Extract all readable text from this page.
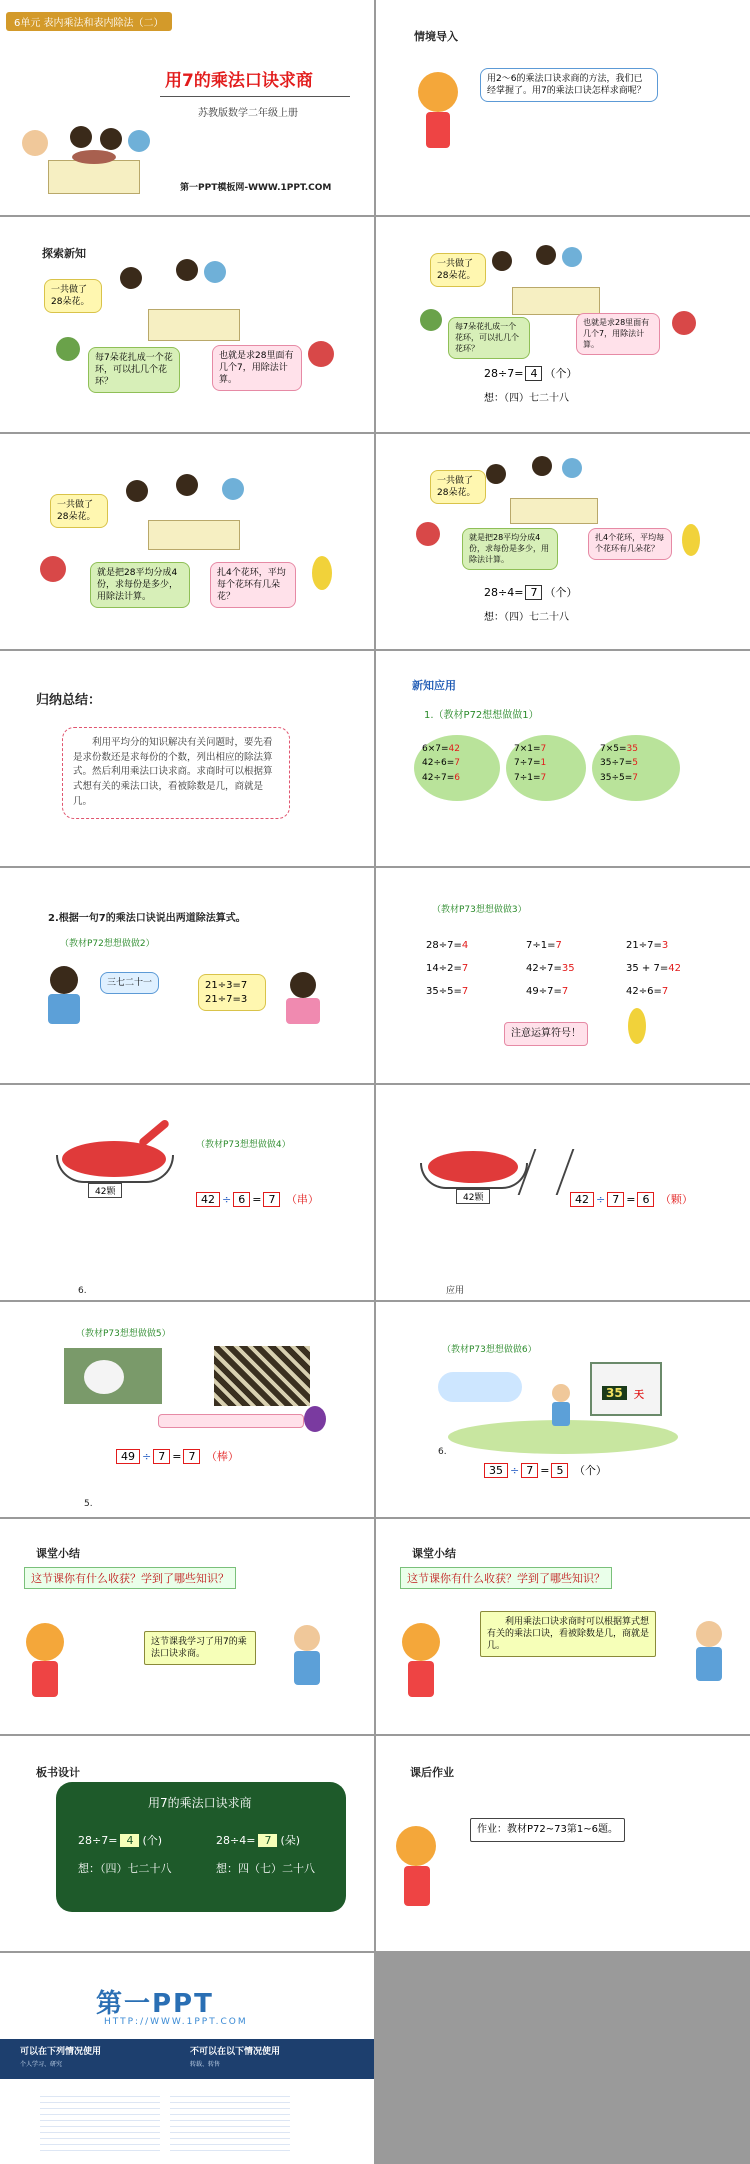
6单元 表内乘法和表内除法（二）
用7的乘法口诀求商
苏教版数学二年级上册
第一PPT模板网-WWW.1PPT.COM
情境导入
用2～6的乘法口诀求商的方法，我们已经掌握了。用7的乘法口诀怎样求商呢？
探索新知
一共做了28朵花。
每7朵花扎成一个花环，可以扎几个花环？
也就是求28里面有几个7，用除法计算。
一共做了28朵花。
每7朵花扎成一个花环，可以扎几个花环？
也就是求28里面有几个7，用除法计算。
28÷7= 4 （个）
想：（四）七二十八
一共做了28朵花。
就是把28平均分成4份，求每份是多少，用除法计算。
扎4个花环，平均每个花环有几朵花？
一共做了28朵花。
就是把28平均分成4份，求每份是多少，用除法计算。
扎4个花环，平均每个花环有几朵花？
28÷4= 7 （个）
想：（四）七二十八
归纳总结：
利用平均分的知识解决有关问题时，要先看是求份数还是求每份的个数，列出相应的除法算式。然后利用乘法口诀求商。求商时可以根据算式想有关的乘法口诀，看被除数是几，商就是几。
新知应用
1.（教材P72想想做做1）
6×7=42
42÷6=7
42÷7=6
7×1=7
7÷7=1
7÷1=7
7×5=35
35÷7=5
35÷5=7
2.根据一句7的乘法口诀说出两道除法算式。
（教材P72想想做做2）
三七二十一	21÷3=7
21÷7=3
（教材P73想想做做3）
28÷7=4	7÷1=7	21÷7=3
14÷2=7	42÷7=35	35 + 7=42
35÷5=7	49÷7=7	42÷6=7
注意运算符号！
42颗
（教材P73想想做做4）
42 ÷ 6 = 7 （串）
6.
42颗	42 ÷ 7 = 6 （颗）
应用
（教材P73想想做做5）
49 ÷ 7 = 7 （棒）
5.
（教材P73想想做做6）
35	天
6.
35 ÷ 7 = 5 （个）
课堂小结
这节课你有什么收获？学到了哪些知识？
这节课我学习了用7的乘法口诀求商。
课堂小结
这节课你有什么收获？学到了哪些知识？
利用乘法口诀求商时可以根据算式想有关的乘法口诀，看被除数是几，商就是几。
板书设计
用7的乘法口诀求商
28÷7= 4 (个)	28÷4= 7 (朵)
想：（四）七二十八	想：四（七）二十八
课后作业
作业：教材P72~73第1~6题。
第一PPT
HTTP://WWW.1PPT.COM
可以在下列情况使用
个人学习、研究
不可以在以下情况使用
转载、转售
